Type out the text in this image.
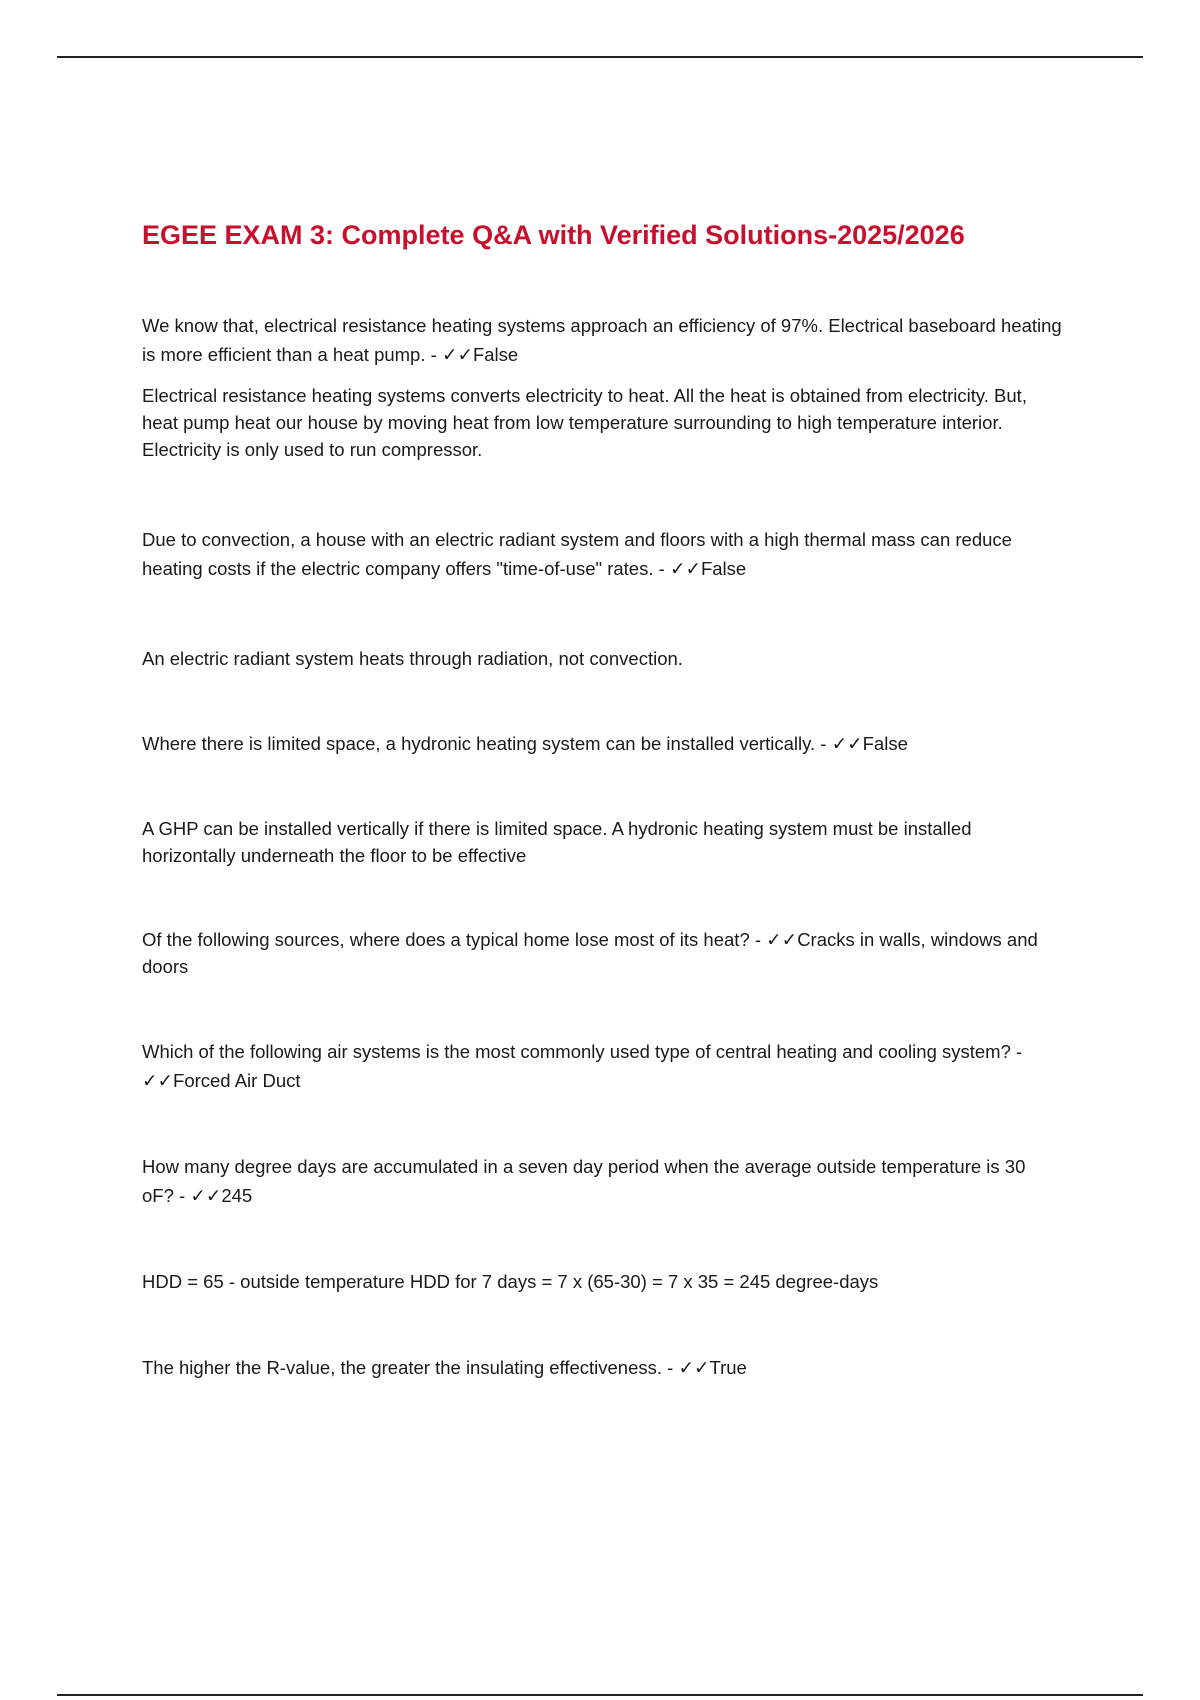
EGEE EXAM 3: Complete Q&A with Verified Solutions-2025/2026

We know that, electrical resistance heating systems approach an efficiency of 97%. Electrical baseboard heating is more efficient than a heat pump. - ✓✓False

Electrical resistance heating systems converts electricity to heat. All the heat is obtained from electricity. But, heat pump heat our house by moving heat from low temperature surrounding to high temperature interior. Electricity is only used to run compressor.

Due to convection, a house with an electric radiant system and floors with a high thermal mass can reduce heating costs if the electric company offers "time-of-use" rates. - ✓✓False

An electric radiant system heats through radiation, not convection.

Where there is limited space, a hydronic heating system can be installed vertically. - ✓✓False

A GHP can be installed vertically if there is limited space. A hydronic heating system must be installed horizontally underneath the floor to be effective

Of the following sources, where does a typical home lose most of its heat? - ✓✓Cracks in walls, windows and doors

Which of the following air systems is the most commonly used type of central heating and cooling system? - ✓✓Forced Air Duct

How many degree days are accumulated in a seven day period when the average outside temperature is 30 oF? - ✓✓245

HDD = 65 - outside temperature HDD for 7 days = 7 x (65-30) = 7 x 35 = 245 degree-days

The higher the R-value, the greater the insulating effectiveness. - ✓✓True
